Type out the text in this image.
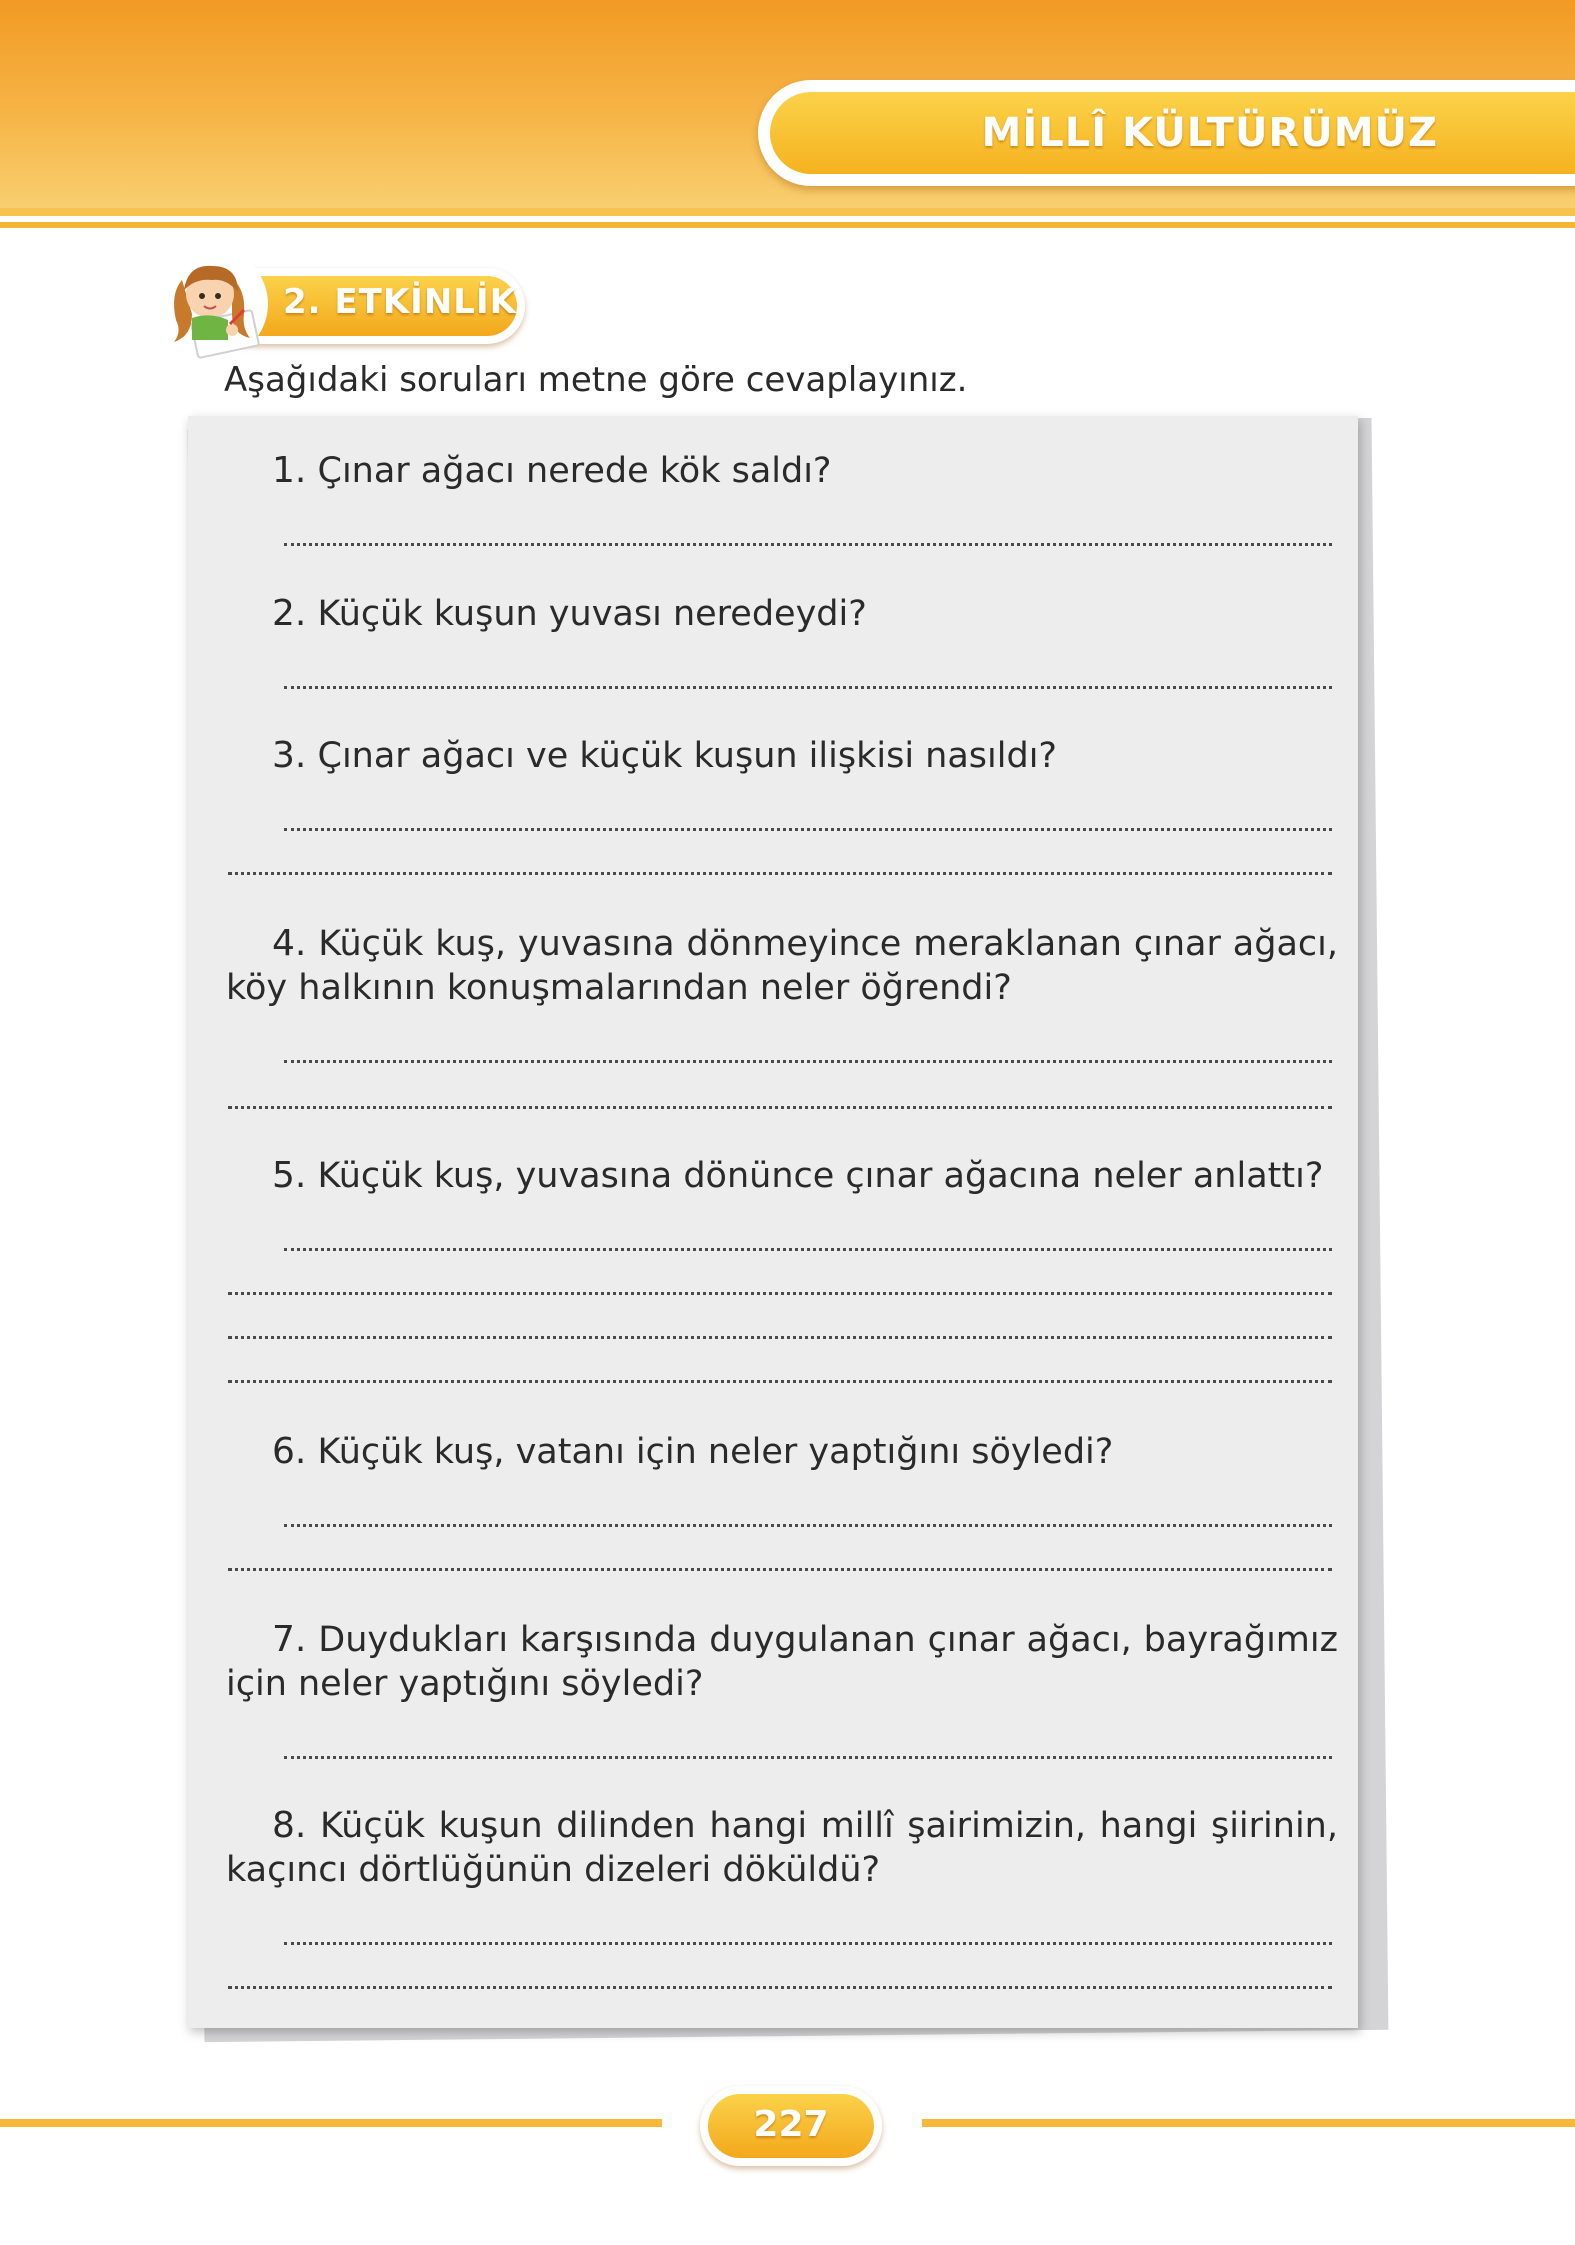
MİLLÎ KÜLTÜRÜMÜZ
2. ETKİNLİK
Aşağıdaki soruları metne göre cevaplayınız.
1. Çınar ağacı nerede kök saldı?
2. Küçük kuşun yuvası neredeydi?
3. Çınar ağacı ve küçük kuşun ilişkisi nasıldı?
4. Küçük kuş, yuvasına dönmeyince meraklanan çınar ağacı, köy halkının konuşmalarından neler öğrendi?
5. Küçük kuş, yuvasına dönünce çınar ağacına neler anlattı?
6. Küçük kuş, vatanı için neler yaptığını söyledi?
7. Duydukları karşısında duygulanan çınar ağacı, bayrağımız için neler yaptığını söyledi?
8. Küçük kuşun dilinden hangi millî şairimizin, hangi şiirinin, kaçıncı dörtlüğünün dizeleri döküldü?
227
